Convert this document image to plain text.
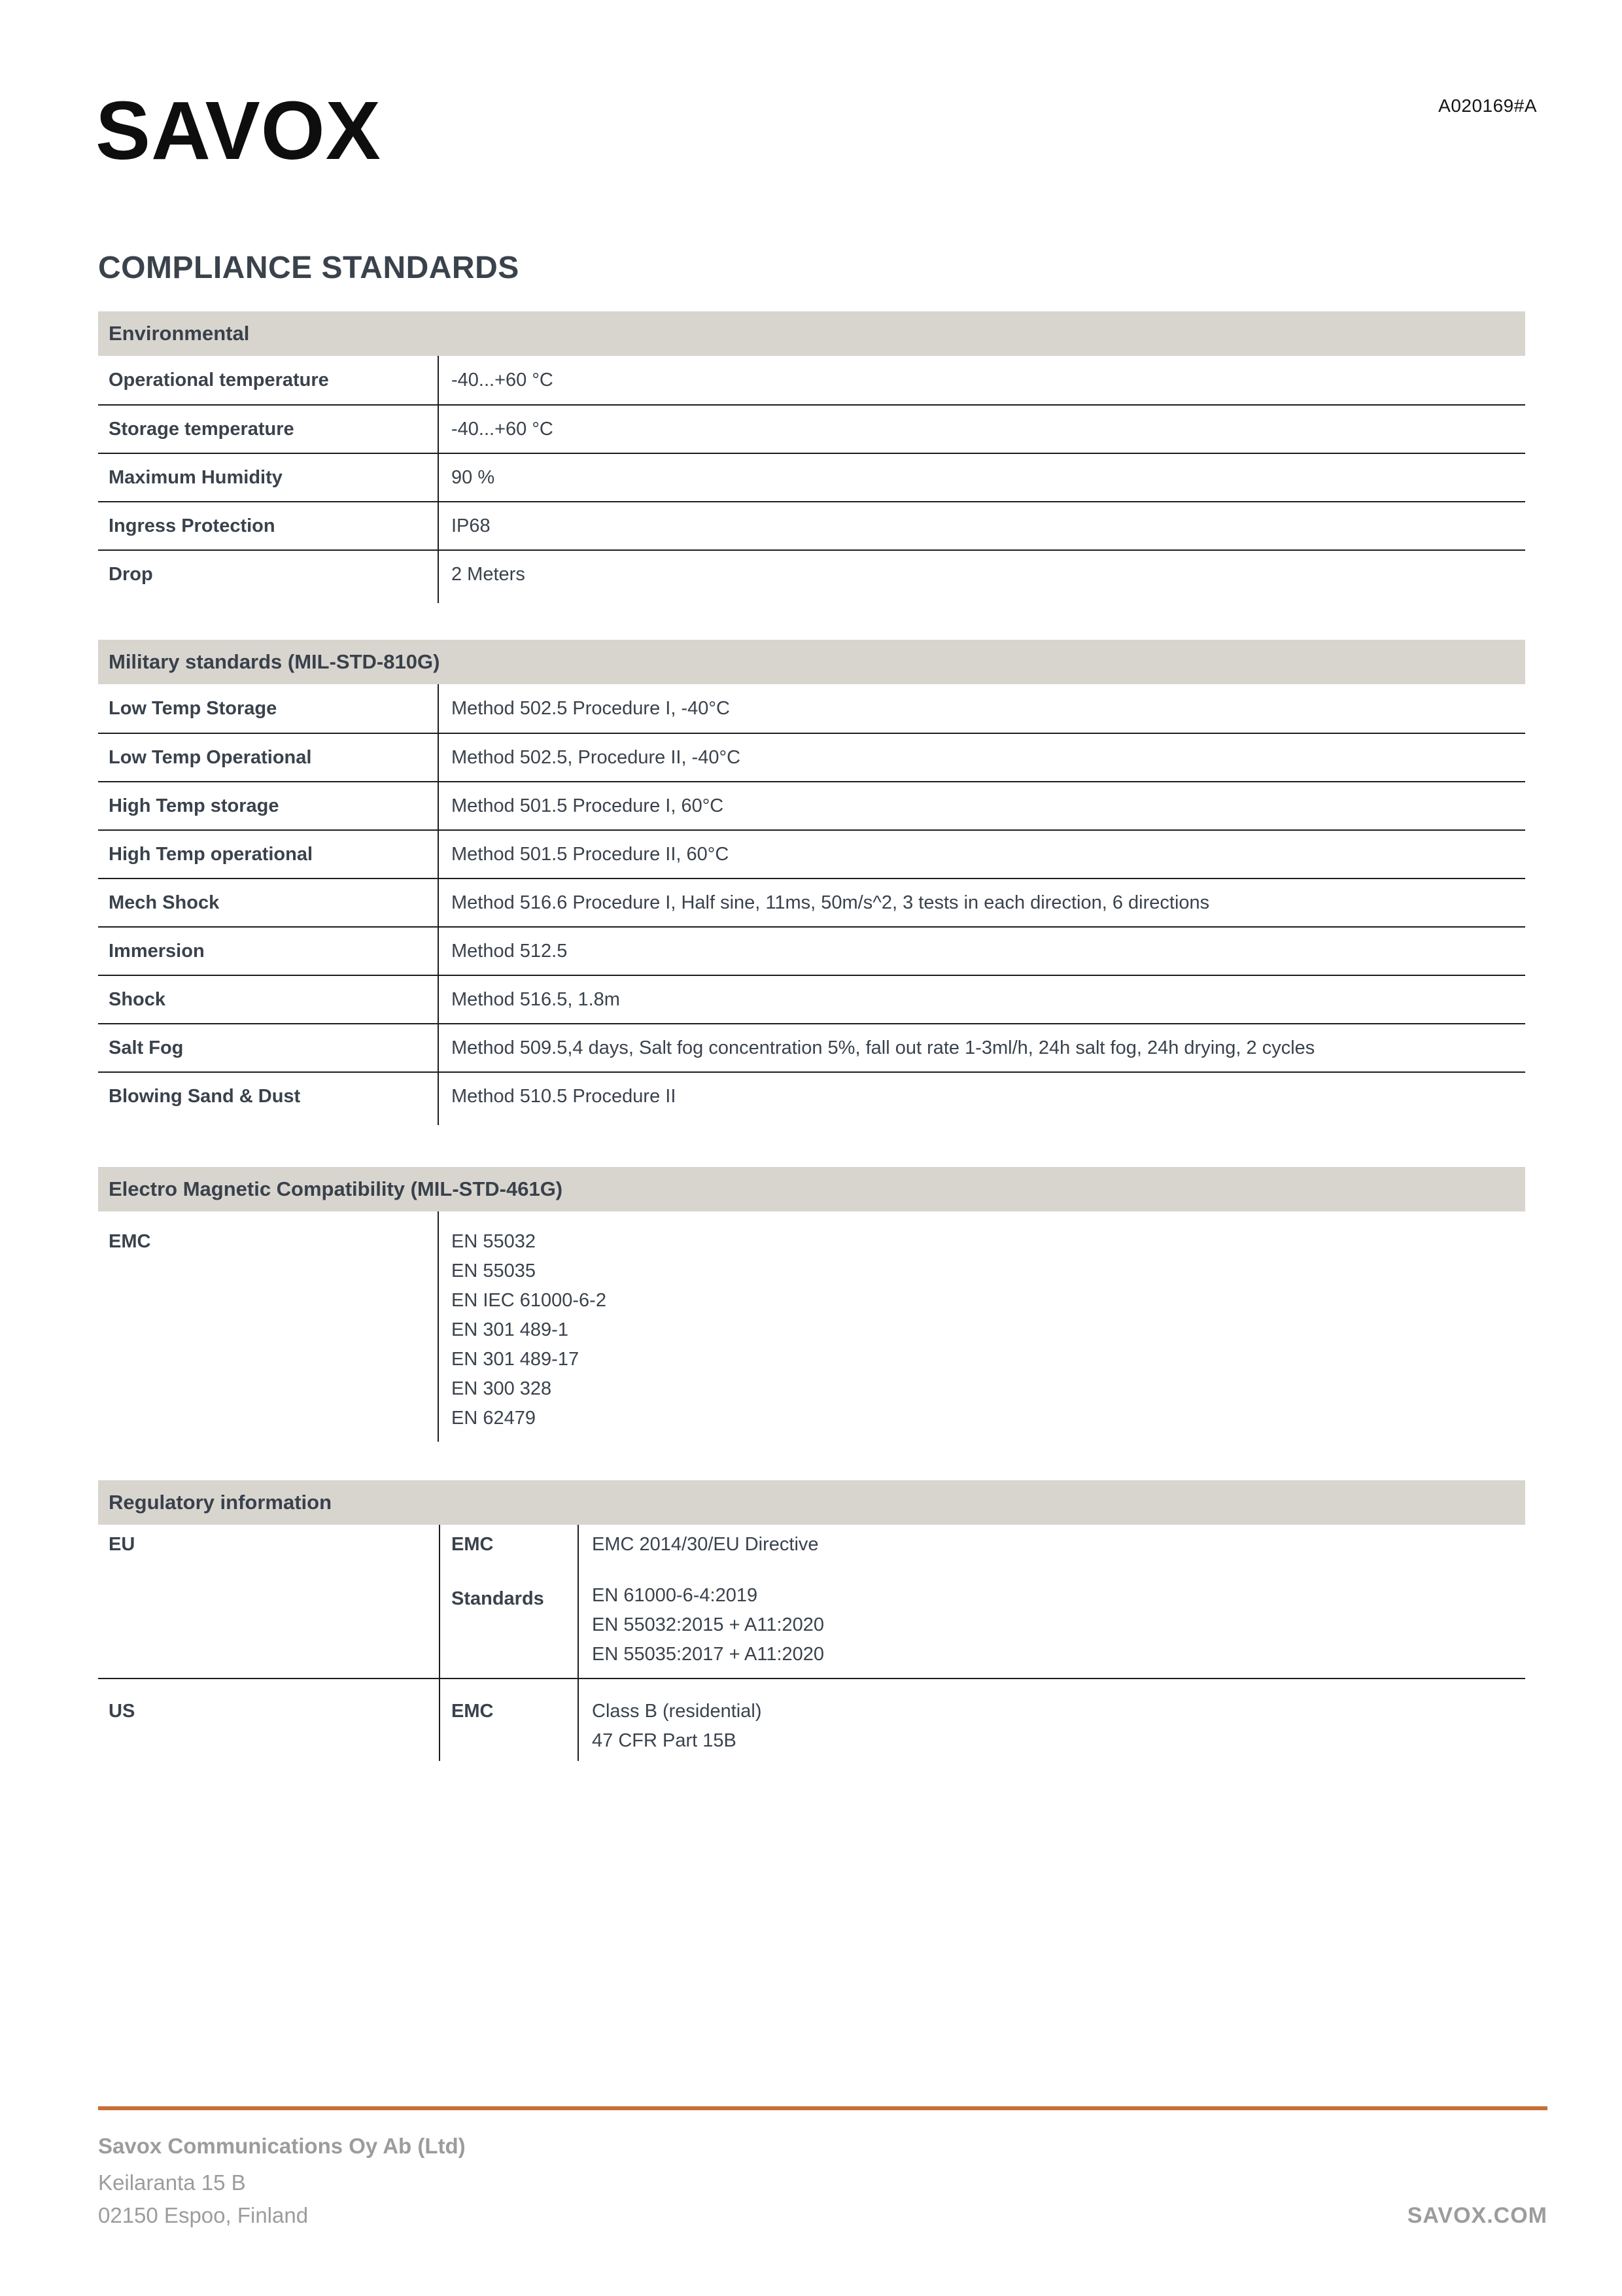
SAVOX	A020169#A
COMPLIANCE STANDARDS
Environmental
Operational temperature	-40...+60 °C
Storage temperature	-40...+60 °C
Maximum Humidity	90 %
Ingress Protection	IP68
Drop	2 Meters
Military standards (MIL-STD-810G)
Low Temp Storage	Method 502.5 Procedure I, -40°C
Low Temp Operational	Method 502.5, Procedure II, -40°C
High Temp storage	Method 501.5 Procedure I, 60°C
High Temp operational	Method 501.5 Procedure II, 60°C
Mech Shock	Method 516.6 Procedure I, Half sine, 11ms, 50m/s^2, 3 tests in each direction, 6 directions
Immersion	Method 512.5
Shock	Method 516.5, 1.8m
Salt Fog	Method 509.5,4 days, Salt fog concentration 5%, fall out rate 1-3ml/h, 24h salt fog, 24h drying, 2 cycles
Blowing Sand & Dust	Method 510.5 Procedure II
Electro Magnetic Compatibility (MIL-STD-461G)
EMC	EN 55032
EN 55035
EN IEC 61000-6-2
EN 301 489-1
EN 301 489-17
EN 300 328
EN 62479
Regulatory information
EU	EMC	EMC 2014/30/EU Directive
Standards	EN 61000-6-4:2019
EN 55032:2015 + A11:2020
EN 55035:2017 + A11:2020
US	EMC	Class B (residential)
47 CFR Part 15B
Savox Communications Oy Ab (Ltd)
Keilaranta 15 B
02150 Espoo, Finland	SAVOX.COM
